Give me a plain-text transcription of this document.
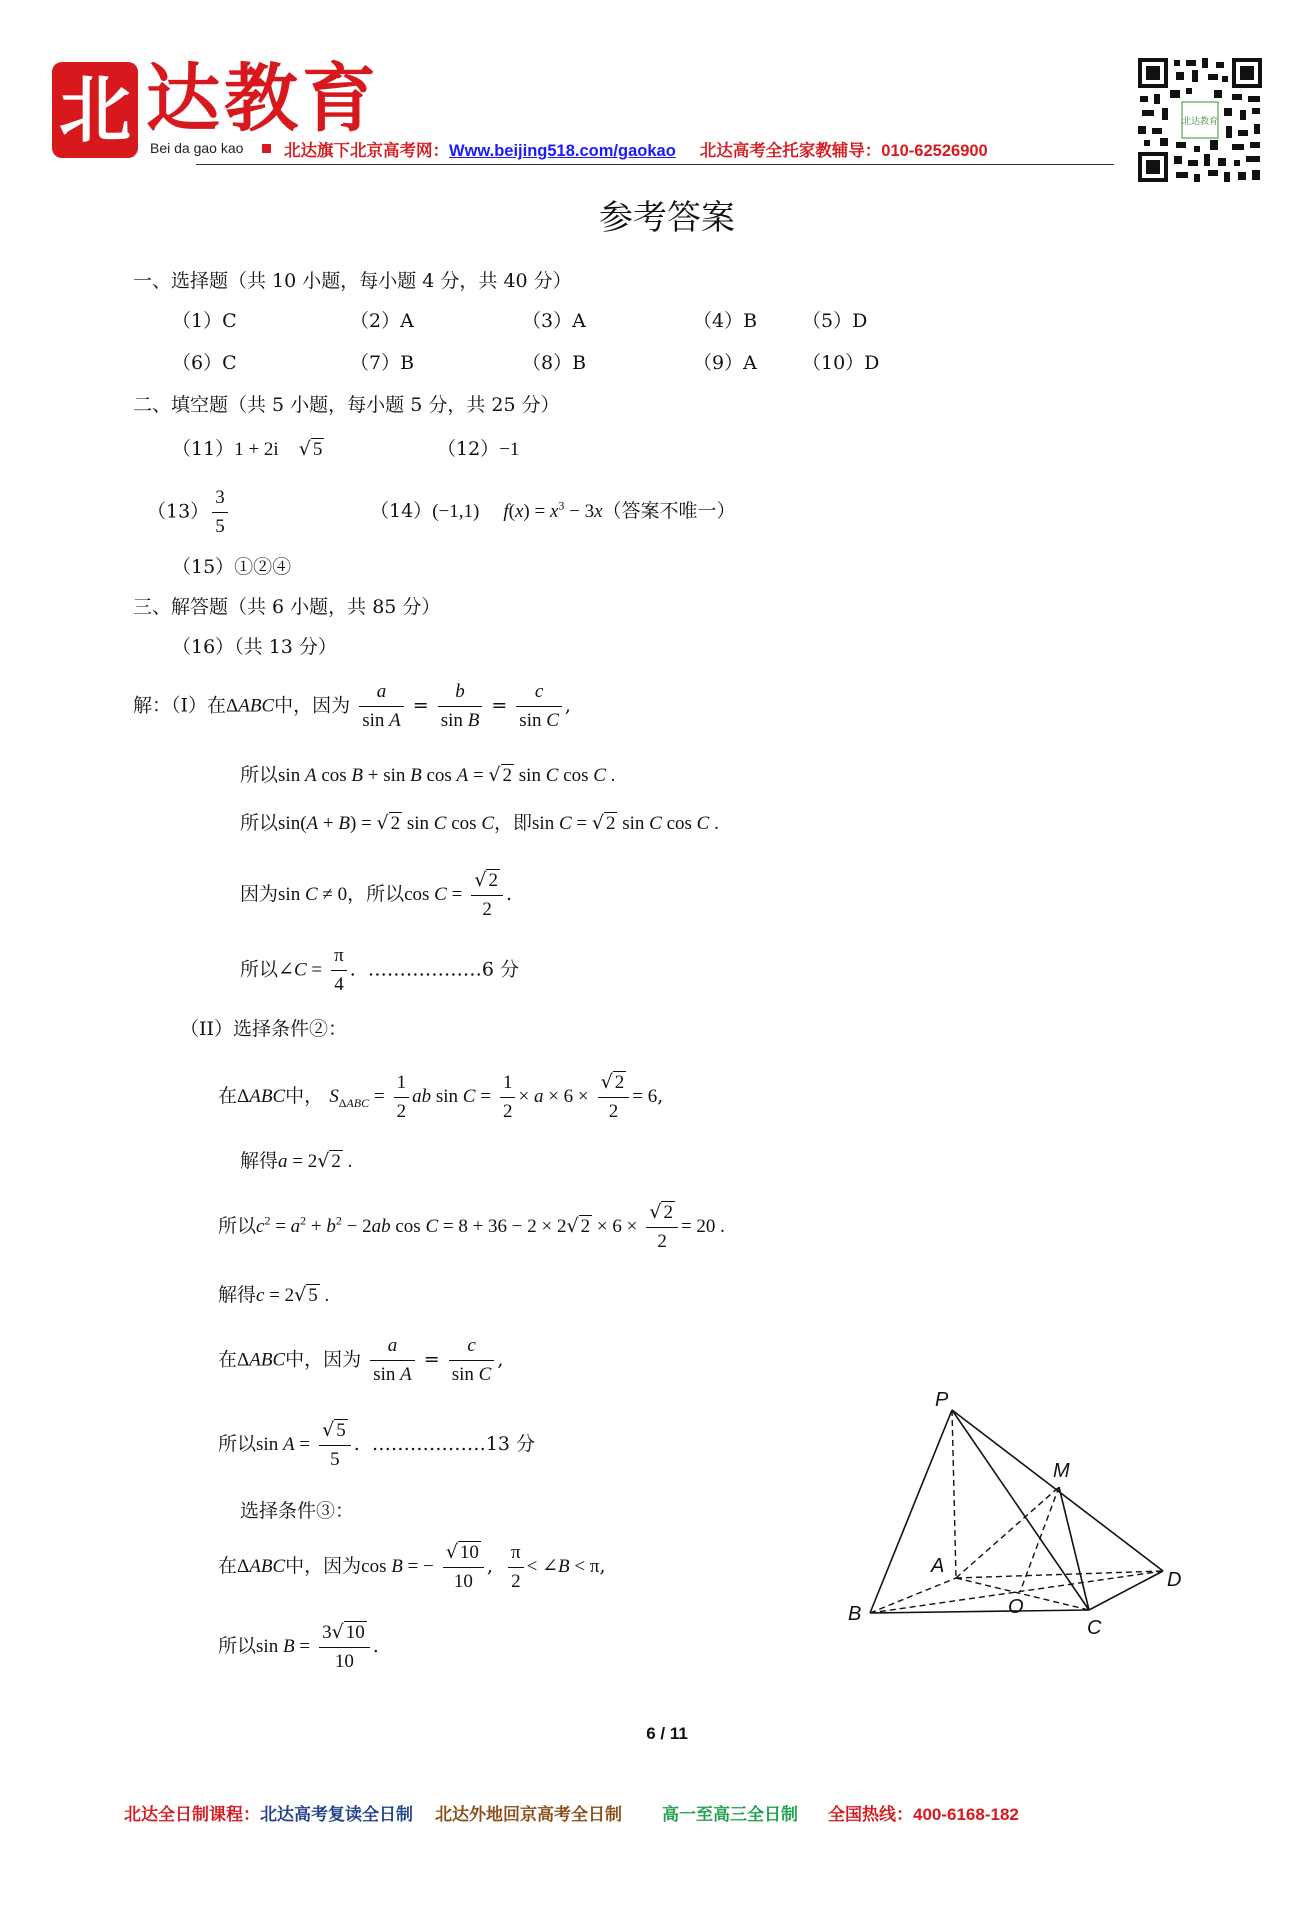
北 达教育
Bei da gao kao 北达旗下北京高考网：Www.beijing518.com/gaokao 北达高考全托家教辅导：010-62526900
北达教育
参考答案
一、选择题（共 10 小题，每小题 4 分，共 40 分）
（1）C	（2）A	（3）A	（4）B （5）D
（6）C	（7）B	（8）B	（9）A （10）D
二、填空题（共 5 小题，每小题 5 分，共 25 分）
（11）1 + 2i √ 5	（12）−1
$(13) \frac{3}{5}$	（14）(−1,1) $f(x) = x^3 - 3x$（答案不唯一）
（15）①②④
三、解答题（共 6 小题，共 85 分）
（16）（共 13 分）
解：（I）在ΔABC中，因为 $\frac{a}{\text{sin A}} = \frac{b}{\text{sin B}} = \frac{c}{\text{sin C}}$ ,
所以sin A cos B + sin B cos A = √ 2 sin C cos C .
所以sin(A + B) = √ 2 sin C cos C，即sin C = √ 2 sin C cos C .
因为sin C ≠ 0，所以$\cos C = \frac{√ 2}{2}$ .
所以∠C = $\frac{\pi}{4}$ .  ………………6 分
（II）选择条件②：
在ΔABC中， $S_{\Delta ABC} = \frac{1}{2}$ ab $\sin C = \frac{1}{2} \times a \times 6 \times \frac{√ 2}{2} = 6$,
解得a = 2√ 2 .
所以$c^2 = a^2 + b^2 - 2ab$ cos C = 8 + 36 − 2 × 2√ $2 \times 6 \times \frac{√ 2}{2} = 20$ .
解得c = 2√ 5 .
在ΔABC中，因为 $\frac{a}{\text{sin A}} = \frac{c}{\text{sin C}}$ ,
所以$\sin A = \frac{√ 5}{5}$ .  ………………13 分
选择条件③：
在ΔABC中，因为cos B = − $\frac{√ 10}{10}$ , $\frac{\pi}{2}$ < ∠B < π,
所以$\sin B = \frac{3√ 10}{10}$ .
P
M
A
D
B	O
C
6 / 11
北达全日制课程：北达高考复读全日制 北达外地回京高考全日制 高一至高三全日制 全国热线：400-6168-182
